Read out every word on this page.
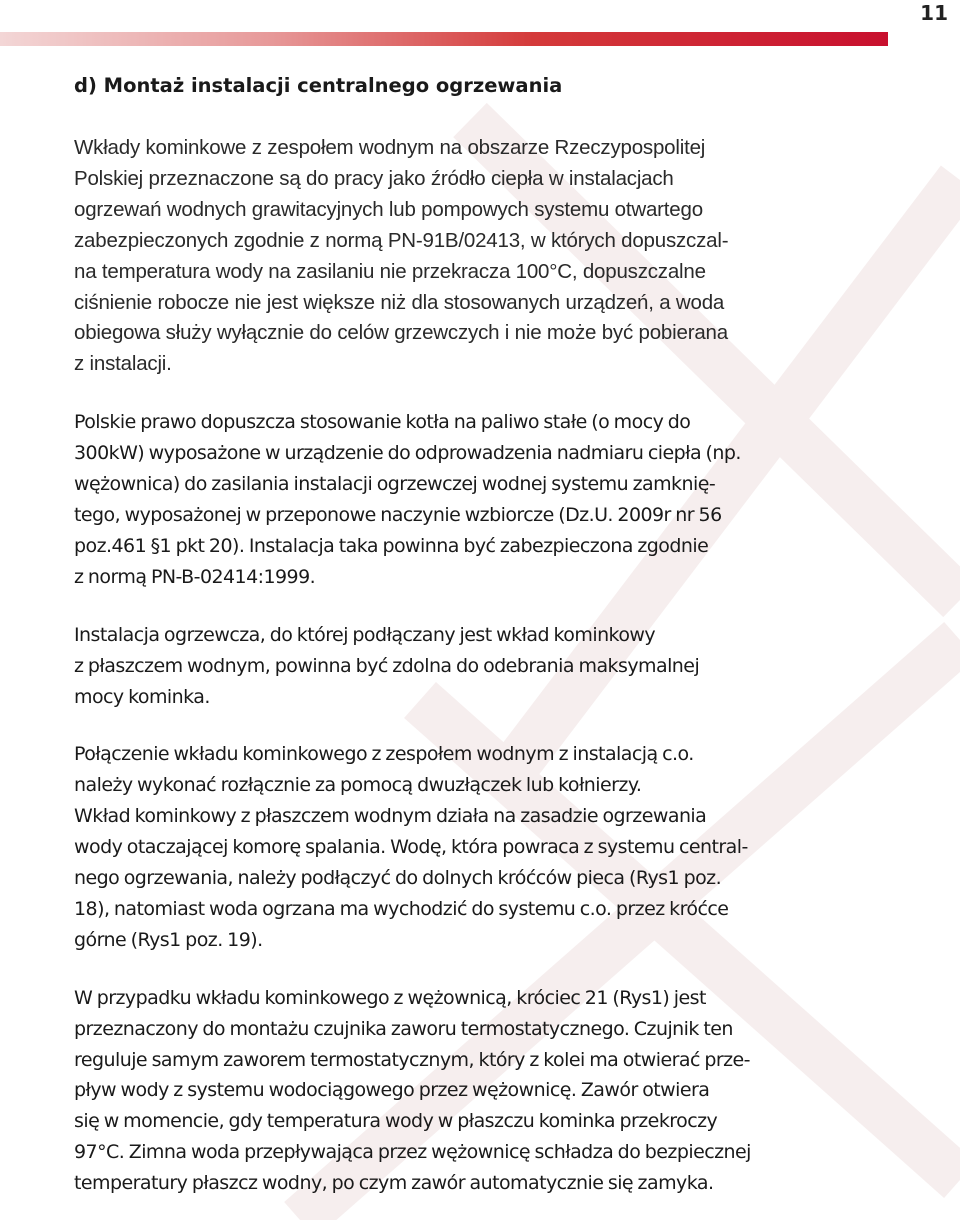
11
d) Montaż instalacji centralnego ogrzewania

Wkłady kominkowe z zespołem wodnym na obszarze Rzeczypospolitej
Polskiej przeznaczone są do pracy jako źródło ciepła w instalacjach
ogrzewań wodnych grawitacyjnych lub pompowych systemu otwartego
zabezpieczonych zgodnie z normą PN-91B/02413, w których dopuszczal-
na temperatura wody na zasilaniu nie przekracza 100°C, dopuszczalne
ciśnienie robocze nie jest większe niż dla stosowanych urządzeń, a woda
obiegowa służy wyłącznie do celów grzewczych i nie może być pobierana
z instalacji.

Polskie prawo dopuszcza stosowanie kotła na paliwo stałe (o mocy do
300kW) wyposażone w urządzenie do odprowadzenia nadmiaru ciepła (np.
wężownica) do zasilania instalacji ogrzewczej wodnej systemu zamknię-
tego, wyposażonej w przeponowe naczynie wzbiorcze (Dz.U. 2009r nr 56
poz.461 §1 pkt 20). Instalacja taka powinna być zabezpieczona zgodnie
z normą PN-B-02414:1999.

Instalacja ogrzewcza, do której podłączany jest wkład kominkowy
z płaszczem wodnym, powinna być zdolna do odebrania maksymalnej
mocy kominka.

Połączenie wkładu kominkowego z zespołem wodnym z instalacją c.o.
należy wykonać rozłącznie za pomocą dwuzłączek lub kołnierzy.
Wkład kominkowy z płaszczem wodnym działa na zasadzie ogrzewania
wody otaczającej komorę spalania. Wodę, która powraca z systemu central-
nego ogrzewania, należy podłączyć do dolnych króćców pieca (Rys1 poz.
18), natomiast woda ogrzana ma wychodzić do systemu c.o. przez króćce
górne (Rys1 poz. 19).

W przypadku wkładu kominkowego z wężownicą, króciec 21 (Rys1) jest
przeznaczony do montażu czujnika zaworu termostatycznego. Czujnik ten
reguluje samym zaworem termostatycznym, który z kolei ma otwierać prze-
pływ wody z systemu wodociągowego przez wężownicę. Zawór otwiera
się w momencie, gdy temperatura wody w płaszczu kominka przekroczy
97°C. Zimna woda przepływająca przez wężownicę schładza do bezpiecznej
temperatury płaszcz wodny, po czym zawór automatycznie się zamyka.
